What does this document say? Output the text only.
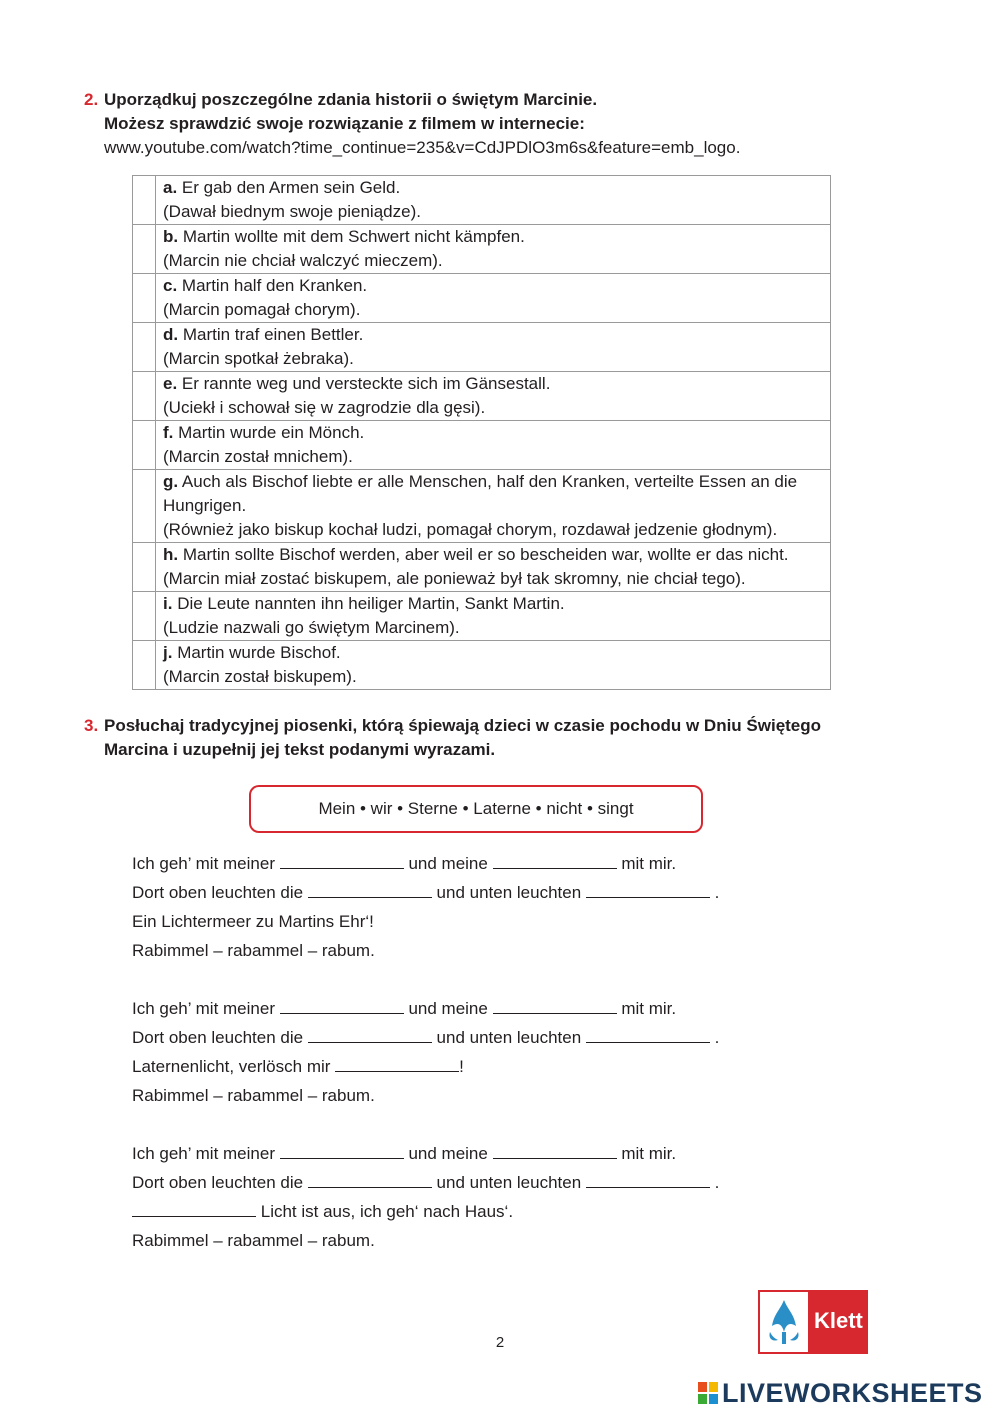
2. Uporządkuj poszczególne zdania historii o świętym Marcinie.
Możesz sprawdzić swoje rozwiązanie z filmem w internecie:
www.youtube.com/watch?time_continue=235&v=CdJPDlO3m6s&feature=emb_logo.
	a. Er gab den Armen sein Geld.
(Dawał biednym swoje pieniądze).
	b. Martin wollte mit dem Schwert nicht kämpfen.
(Marcin nie chciał walczyć mieczem).
	c. Martin half den Kranken.
(Marcin pomagał chorym).
	d. Martin traf einen Bettler.
(Marcin spotkał żebraka).
	e. Er rannte weg und versteckte sich im Gänsestall.
(Uciekł i schował się w zagrodzie dla gęsi).
	f. Martin wurde ein Mönch.
(Marcin został mnichem).
	g. Auch als Bischof liebte er alle Menschen, half den Kranken, verteilte Essen an die Hungrigen.
(Również jako biskup kochał ludzi, pomagał chorym, rozdawał jedzenie głodnym).
	h. Martin sollte Bischof werden, aber weil er so bescheiden war, wollte er das nicht.
(Marcin miał zostać biskupem, ale ponieważ był tak skromny, nie chciał tego).
	i. Die Leute nannten ihn heiliger Martin, Sankt Martin.
(Ludzie nazwali go świętym Marcinem).
	j. Martin wurde Bischof.
(Marcin został biskupem).
3. Posłuchaj tradycyjnej piosenki, którą śpiewają dzieci w czasie pochodu w Dniu Świętego
Marcina i uzupełnij jej tekst podanymi wyrazami.
Mein • wir • Sterne • Laterne • nicht • singt
Ich geh’ mit meiner	und meine	mit mir.
Dort oben leuchten die	und unten leuchten	.
Ein Lichtermeer zu Martins Ehr‘!
Rabimmel – rabammel – rabum.
Ich geh’ mit meiner	und meine	mit mir.
Dort oben leuchten die	und unten leuchten	.
Laternenlicht, verlösch mir	!
Rabimmel – rabammel – rabum.
Ich geh’ mit meiner	und meine	mit mir.
Dort oben leuchten die	und unten leuchten	.
Licht ist aus, ich geh‘ nach Haus‘.
Rabimmel – rabammel – rabum.
2
Klett
LIVEWORKSHEETS
